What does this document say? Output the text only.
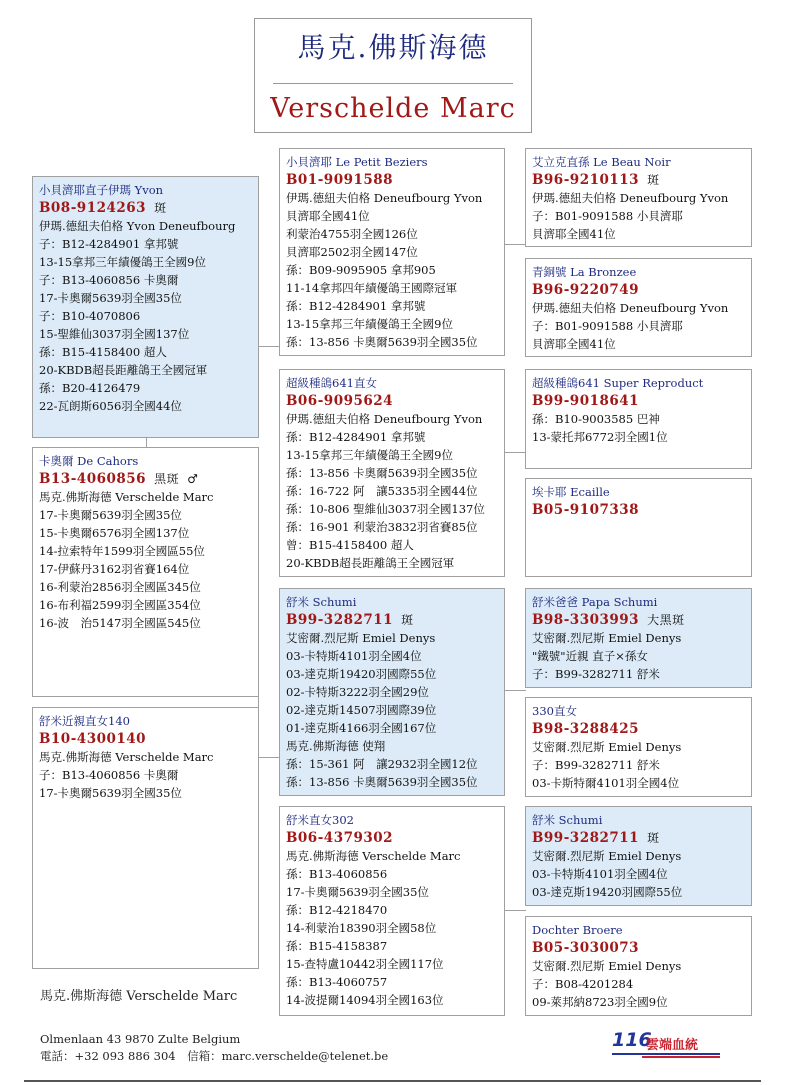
馬克.佛斯海德
Verschelde Marc
小貝濟耶直子伊瑪 Yvon
B08-9124263 斑
伊瑪.德紐夫伯格 Yvon Deneufbourg
子：B12-4284901 拿邦號
13-15拿邦三年績優鴿王全國9位
子：B13-4060856 卡奧爾
17-卡奧爾5639羽全國35位
子：B10-4070806
15-聖維仙3037羽全國137位
孫：B15-4158400 超人
20-KBDB超長距離鴿王全國冠軍
孫：B20-4126479
22-瓦朗斯6056羽全國44位
卡奧爾 De Cahors
B13-4060856 黑斑 ♂
馬克.佛斯海德 Verschelde Marc
17-卡奧爾5639羽全國35位
15-卡奧爾6576羽全國137位
14-拉索特年1599羽全國區55位
17-伊蘇丹3162羽省賽164位
16-利蒙治2856羽全國區345位
16-布利福2599羽全國區354位
16-波　治5147羽全國區545位
舒米近親直女140
B10-4300140
馬克.佛斯海德 Verschelde Marc
子：B13-4060856 卡奧爾
17-卡奧爾5639羽全國35位
小貝濟耶 Le Petit Beziers
B01-9091588
伊瑪.德紐夫伯格 Deneufbourg Yvon
貝濟耶全國41位
利蒙治4755羽全國126位
貝濟耶2502羽全國147位
孫：B09-9095905 拿邦905
11-14拿邦四年績優鴿王國際冠軍
孫：B12-4284901 拿邦號
13-15拿邦三年績優鴿王全國9位
孫：13-856 卡奧爾5639羽全國35位
超級種鴿641直女
B06-9095624
伊瑪.德紐夫伯格 Deneufbourg Yvon
孫：B12-4284901 拿邦號
13-15拿邦三年績優鴿王全國9位
孫：13-856 卡奧爾5639羽全國35位
孫：16-722 阿　讓5335羽全國44位
孫：10-806 聖維仙3037羽全國137位
孫：16-901 利蒙治3832羽省賽85位
曾：B15-4158400 超人
20-KBDB超長距離鴿王全國冠軍
舒米 Schumi
B99-3282711 斑
艾密爾.烈尼斯 Emiel Denys
03-卡特斯4101羽全國4位
03-達克斯19420羽國際55位
02-卡特斯3222羽全國29位
02-達克斯14507羽國際39位
01-達克斯4166羽全國167位
馬克.佛斯海德 使翔
孫：15-361 阿　讓2932羽全國12位
孫：13-856 卡奧爾5639羽全國35位
舒米直女302
B06-4379302
馬克.佛斯海德 Verschelde Marc
孫：B13-4060856
17-卡奧爾5639羽全國35位
孫：B12-4218470
14-利蒙治18390羽全國58位
孫：B15-4158387
15-查特盧10442羽全國117位
孫：B13-4060757
14-波提爾14094羽全國163位
艾立克直孫 Le Beau Noir
B96-9210113 斑
伊瑪.德紐夫伯格 Deneufbourg Yvon
子：B01-9091588 小貝濟耶
貝濟耶全國41位
青銅號 La Bronzee
B96-9220749
伊瑪.德紐夫伯格 Deneufbourg Yvon
子：B01-9091588 小貝濟耶
貝濟耶全國41位
超級種鴿641 Super Reproduct
B99-9018641
孫：B10-9003585 巴神
13-蒙托邦6772羽全國1位
埃卡耶 Ecaille
B05-9107338
舒米爸爸 Papa Schumi
B98-3303993 大黑斑
艾密爾.烈尼斯 Emiel Denys
"鐵號"近親 直子×孫女
子：B99-3282711 舒米
330直女
B98-3288425
艾密爾.烈尼斯 Emiel Denys
子：B99-3282711 舒米
03-卡斯特爾4101羽全國4位
舒米 Schumi
B99-3282711 斑
艾密爾.烈尼斯 Emiel Denys
03-卡特斯4101羽全國4位
03-達克斯19420羽國際55位
Dochter Broere
B05-3030073
艾密爾.烈尼斯 Emiel Denys
子：B08-4201284
09-萊邦納8723羽全國9位
馬克.佛斯海德 Verschelde Marc
Olmenlaan 43 9870 Zulte Belgium
電話：+32 093 886 304　信箱：marc.verschelde@telenet.be
116
雲端血統
